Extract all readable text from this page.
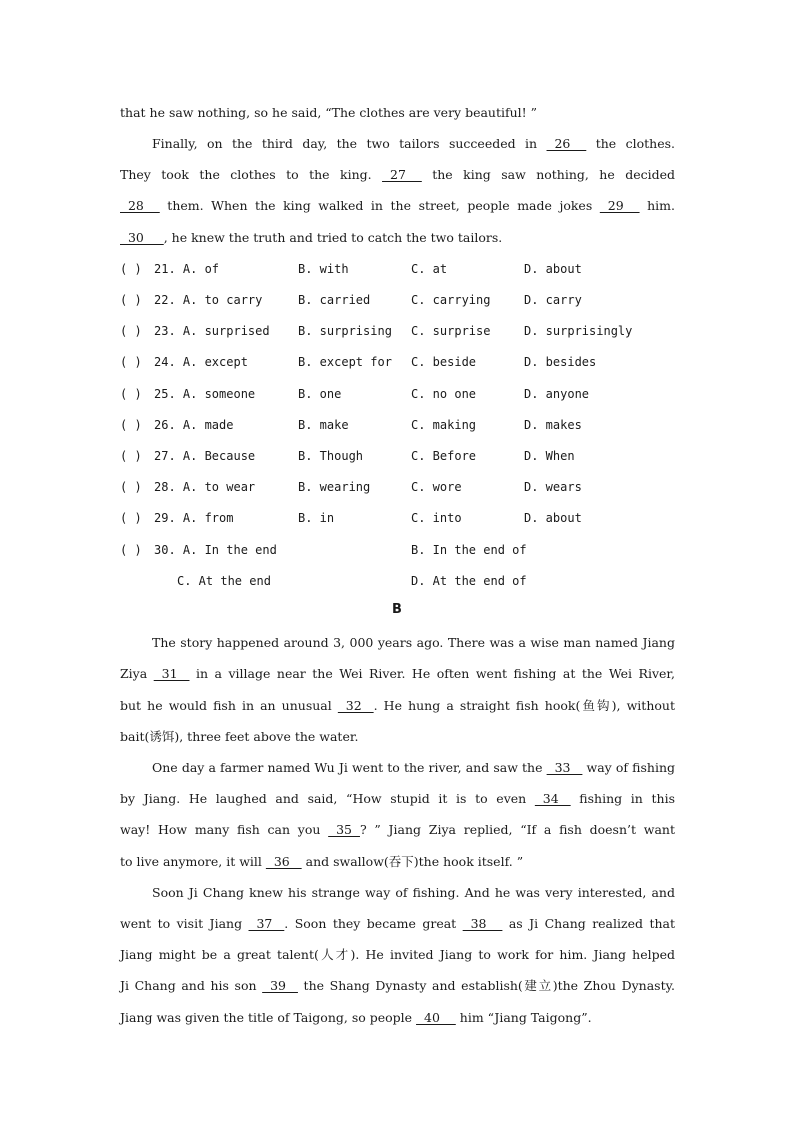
that he saw nothing, so he said, “The clothes are very beautiful! ”
Finally, on the third day, the two tailors succeeded in   26     the clothes.
They took the clothes to the king.   27     the king saw nothing, he decided
28     them. When the king walked in the street, people made jokes   29     him.
30     , he knew the truth and tried to catch the two tailors.
( ) 21. A. of	B. with	C. at	D. about
( ) 22. A. to carry	B. carried	C. carrying	D. carry
( ) 23. A. surprised B. surprising C. surprise	D. surprisingly
( ) 24. A. except	B. except for C. beside	D. besides
( ) 25. A. someone	B. one	C. no one	D. anyone
( ) 26. A. made	B. make	C. making	D. makes
( ) 27. A. Because	B. Though	C. Before	D. When
( ) 28. A. to wear	B. wearing	C. wore	D. wears
( ) 29. A. from	B. in	C. into	D. about
( ) 30. A. In the end	B. In the end of
C. At the end	D. At the end of
B
The story happened around 3, 000 years ago. There was a wise man named Jiang
Ziya   31    in a village near the Wei River. He often went fishing at the Wei River,
but he would fish in an unusual   32   . He hung a straight fish hook(鱼钩), without
bait(诱饵), three feet above the water.
One day a farmer named Wu Ji went to the river, and saw the   33    way of fishing
by Jiang. He laughed and said, “How stupid it is to even   34    fishing in this
way! How many fish can you   35  ? ” Jiang Ziya replied, “If a fish doesn’t want
to live anymore, it will   36    and swallow(吞下)the hook itself. ”
Soon Ji Chang knew his strange way of fishing. And he was very interested, and
went to visit Jiang   37   . Soon they became great   38     as Ji Chang realized that
Jiang might be a great talent(人才). He invited Jiang to work for him. Jiang helped
Ji Chang and his son   39    the Shang Dynasty and establish(建立)the Zhou Dynasty.
Jiang was given the title of Taigong, so people   40     him “Jiang Taigong”.
